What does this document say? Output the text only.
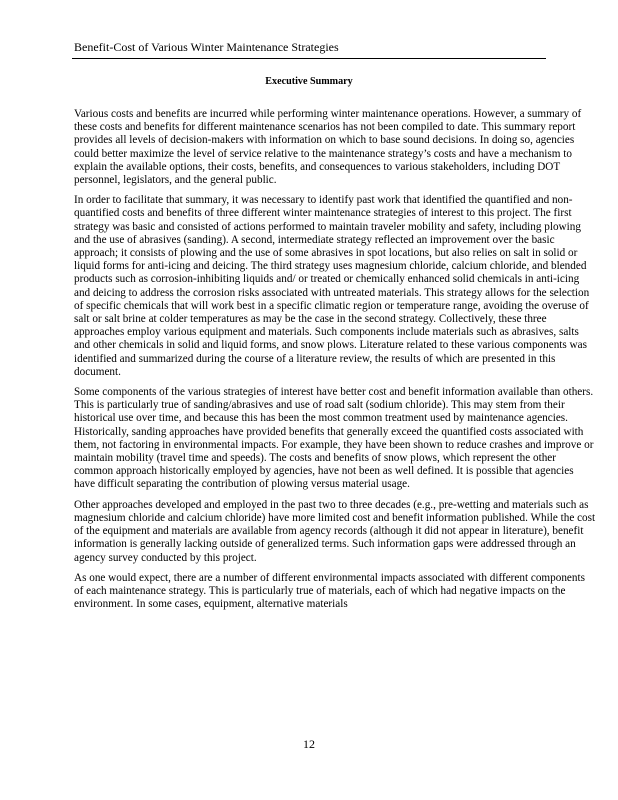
Benefit-Cost of Various Winter Maintenance Strategies
Executive Summary

Various costs and benefits are incurred while performing winter maintenance operations. However, a summary of these costs and benefits for different maintenance scenarios has not been compiled to date. This summary report provides all levels of decision-makers with information on which to base sound decisions. In doing so, agencies could better maximize the level of service relative to the maintenance strategy’s costs and have a mechanism to explain the available options, their costs, benefits, and consequences to various stakeholders, including DOT personnel, legislators, and the general public.

In order to facilitate that summary, it was necessary to identify past work that identified the quantified and non-quantified costs and benefits of three different winter maintenance strategies of interest to this project. The first strategy was basic and consisted of actions performed to maintain traveler mobility and safety, including plowing and the use of abrasives (sanding). A second, intermediate strategy reflected an improvement over the basic approach; it consists of plowing and the use of some abrasives in spot locations, but also relies on salt in solid or liquid forms for anti-icing and deicing. The third strategy uses magnesium chloride, calcium chloride, and blended products such as corrosion-inhibiting liquids and/ or treated or chemically enhanced solid chemicals in anti-icing and deicing to address the corrosion risks associated with untreated materials. This strategy allows for the selection of specific chemicals that will work best in a specific climatic region or temperature range, avoiding the overuse of salt or salt brine at colder temperatures as may be the case in the second strategy. Collectively, these three approaches employ various equipment and materials. Such components include materials such as abrasives, salts and other chemicals in solid and liquid forms, and snow plows. Literature related to these various components was identified and summarized during the course of a literature review, the results of which are presented in this document.

Some components of the various strategies of interest have better cost and benefit information available than others. This is particularly true of sanding/abrasives and use of road salt (sodium chloride). This may stem from their historical use over time, and because this has been the most common treatment used by maintenance agencies. Historically, sanding approaches have provided benefits that generally exceed the quantified costs associated with them, not factoring in environmental impacts. For example, they have been shown to reduce crashes and improve or maintain mobility (travel time and speeds). The costs and benefits of snow plows, which represent the other common approach historically employed by agencies, have not been as well defined. It is possible that agencies have difficult separating the contribution of plowing versus material usage.

Other approaches developed and employed in the past two to three decades (e.g., pre-wetting and materials such as magnesium chloride and calcium chloride) have more limited cost and benefit information published. While the cost of the equipment and materials are available from agency records (although it did not appear in literature), benefit information is generally lacking outside of generalized terms. Such information gaps were addressed through an agency survey conducted by this project.

As one would expect, there are a number of different environmental impacts associated with different components of each maintenance strategy. This is particularly true of materials, each of which had negative impacts on the environment. In some cases, equipment, alternative materials

12
